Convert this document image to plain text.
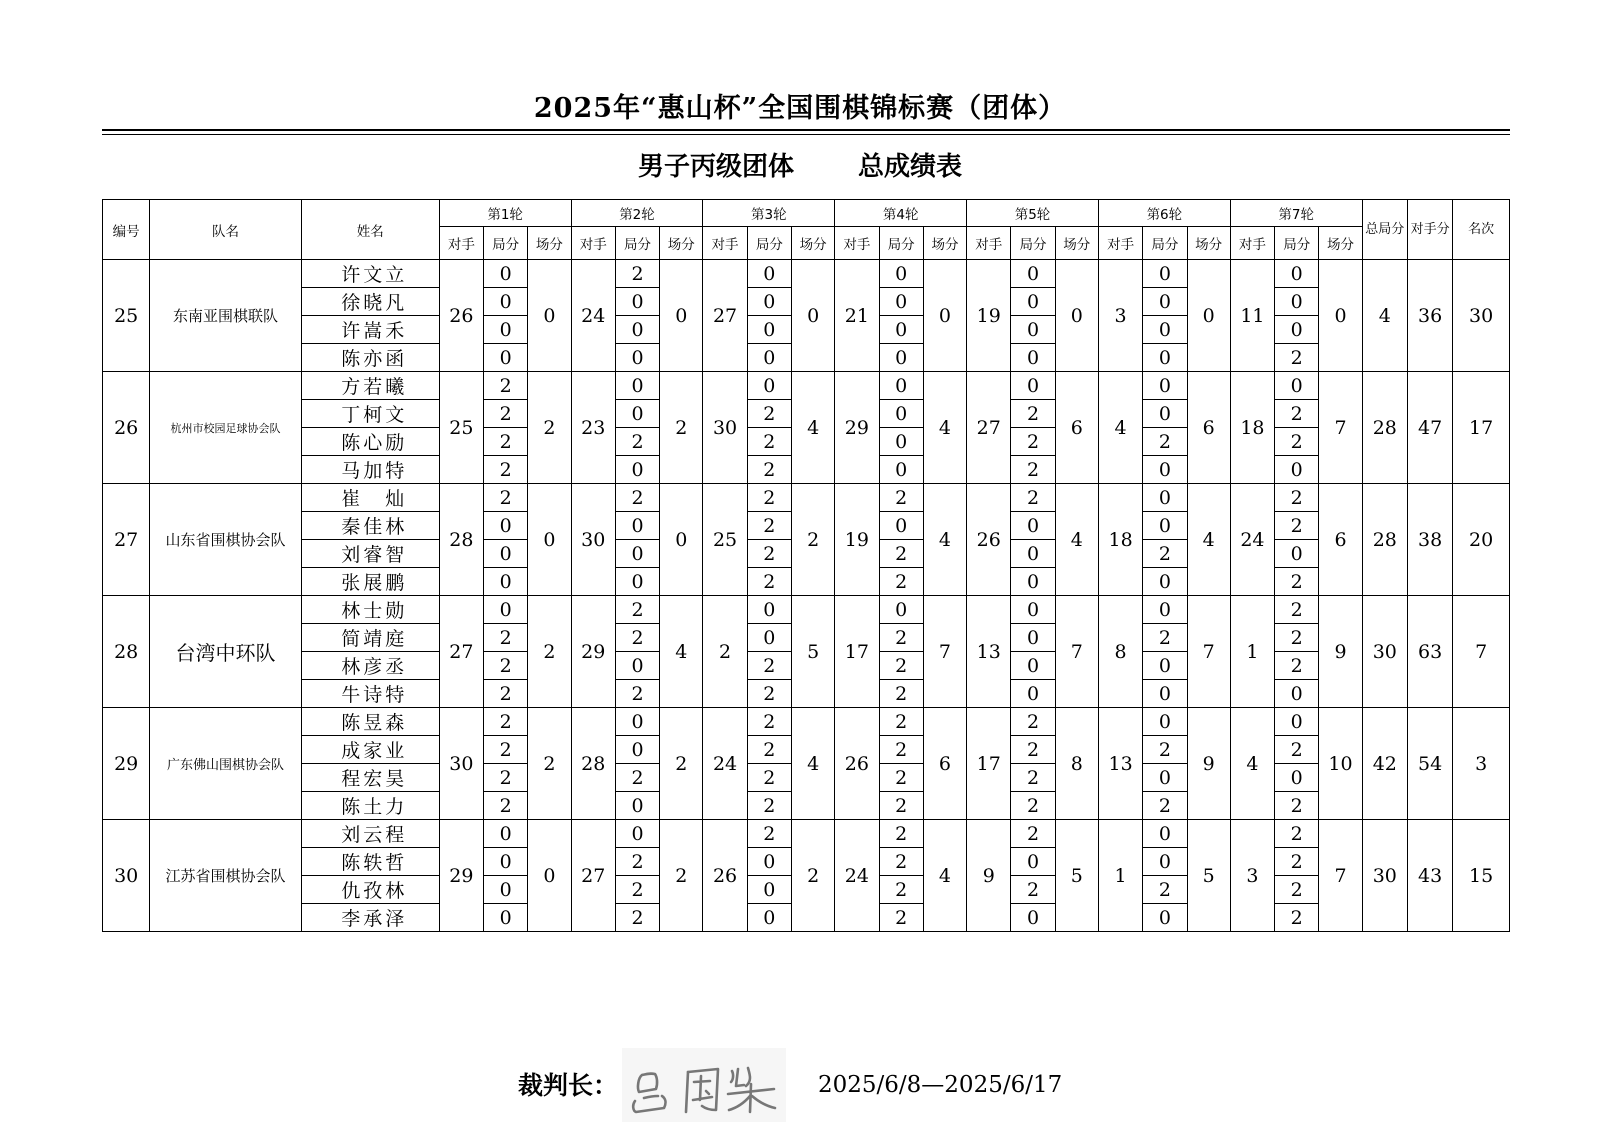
2025年“惠山杯”全国围棋锦标赛（团体）
男子丙级团体 总成绩表
编号	队名	姓名	第1轮			第2轮			第3轮			第4轮			第5轮			第6轮			第7轮			总局分	对手分	名次
			对手	局分	场分	对手	局分	场分	对手	局分	场分	对手	局分	场分	对手	局分	场分	对手	局分	场分	对手	局分	场分			
25	东南亚围棋联队	许文立	26	0	0	24	2	0	27	0	0	21	0	0	19	0	0	3	0	0	11	0	0	4	36	30
		徐晓凡		0			0			0			0			0			0			0				
		许嵩禾		0			0			0			0			0			0			0				
		陈亦函		0			0			0			0			0			0			2				
26	杭州市校园足球协会队	方若曦	25	2	2	23	0	2	30	0	4	29	0	4	27	0	6	4	0	6	18	0	7	28	47	17
		丁柯文		2			0			2			0			2			0			2				
		陈心励		2			2			2			0			2			2			2				
		马加特		2			0			2			0			2			0			0				
27	山东省围棋协会队	崔　灿	28	2	0	30	2	0	25	2	2	19	2	4	26	2	4	18	0	4	24	2	6	28	38	20
		秦佳林		0			0			2			0			0			0			2				
		刘睿智		0			0			2			2			0			2			0				
		张展鹏		0			0			2			2			0			0			2				
28	台湾中环队	林士勋	27	0	2	29	2	4	2	0	5	17	0	7	13	0	7	8	0	7	1	2	9	30	63	7
		简靖庭		2			2			0			2			0			2			2				
		林彦丞		2			0			2			2			0			0			2				
		牛诗特		2			2			2			2			0			0			0				
29	广东佛山围棋协会队	陈昱森	30	2	2	28	0	2	24	2	4	26	2	6	17	2	8	13	0	9	4	0	10	42	54	3
		成家业		2			0			2			2			2			2			2				
		程宏昊		2			2			2			2			2			0			0				
		陈土力		2			0			2			2			2			2			2				
30	江苏省围棋协会队	刘云程	29	0	0	27	0	2	26	2	2	24	2	4	9	2	5	1	0	5	3	2	7	30	43	15
		陈轶哲		0			2			0			2			0			0			2				
		仇孜林		0			2			0			2			2			2			2				
		李承泽		0			2			0			2			0			0			2				
裁判长：	2025/6/8—2025/6/17
